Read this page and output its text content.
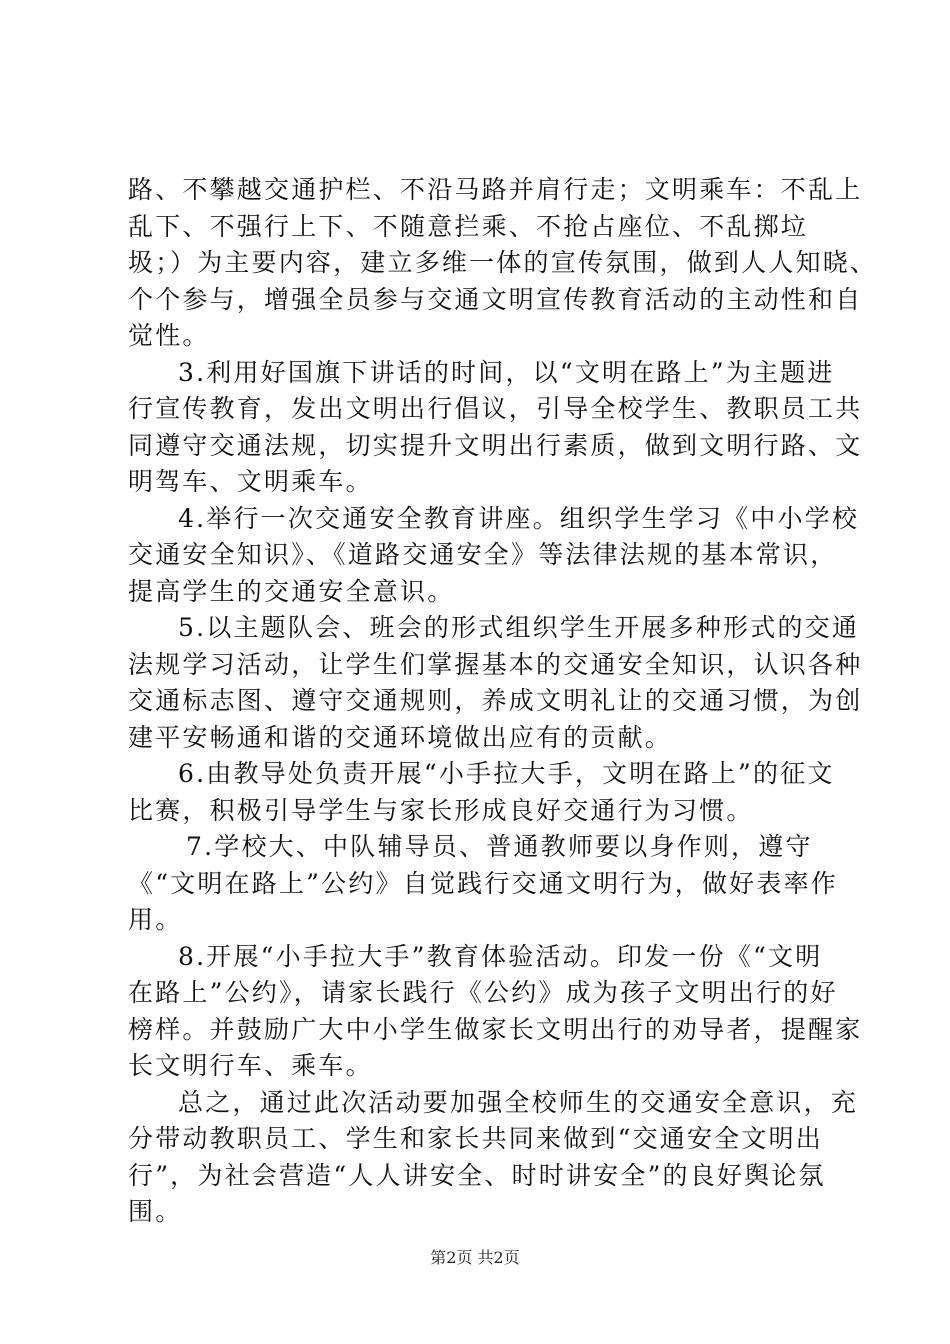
路、不攀越交通护栏、不沿马路并肩行走；文明乘车：不乱上
乱下、不强行上下、不随意拦乘、不抢占座位、不乱掷垃
圾；）为主要内容，建立多维一体的宣传氛围，做到人人知晓、
个个参与，增强全员参与交通文明宣传教育活动的主动性和自
觉性。
3.利用好国旗下讲话的时间，以“文明在路上”为主题进
行宣传教育，发出文明出行倡议，引导全校学生、教职员工共
同遵守交通法规，切实提升文明出行素质，做到文明行路、文
明驾车、文明乘车。
4.举行一次交通安全教育讲座。组织学生学习《中小学校
交通安全知识》、《道路交通安全》等法律法规的基本常识，
提高学生的交通安全意识。
5.以主题队会、班会的形式组织学生开展多种形式的交通
法规学习活动，让学生们掌握基本的交通安全知识，认识各种
交通标志图、遵守交通规则，养成文明礼让的交通习惯，为创
建平安畅通和谐的交通环境做出应有的贡献。
6.由教导处负责开展“小手拉大手，文明在路上”的征文
比赛，积极引导学生与家长形成良好交通行为习惯。
7.学校大、中队辅导员、普通教师要以身作则，遵守
《“文明在路上”公约》自觉践行交通文明行为，做好表率作
用。
8.开展“小手拉大手”教育体验活动。印发一份《“文明
在路上”公约》，请家长践行《公约》成为孩子文明出行的好
榜样。并鼓励广大中小学生做家长文明出行的劝导者，提醒家
长文明行车、乘车。
总之，通过此次活动要加强全校师生的交通安全意识，充
分带动教职员工、学生和家长共同来做到“交通安全文明出
行”，为社会营造“人人讲安全、时时讲安全”的良好舆论氛
围。
第2页 共2页
